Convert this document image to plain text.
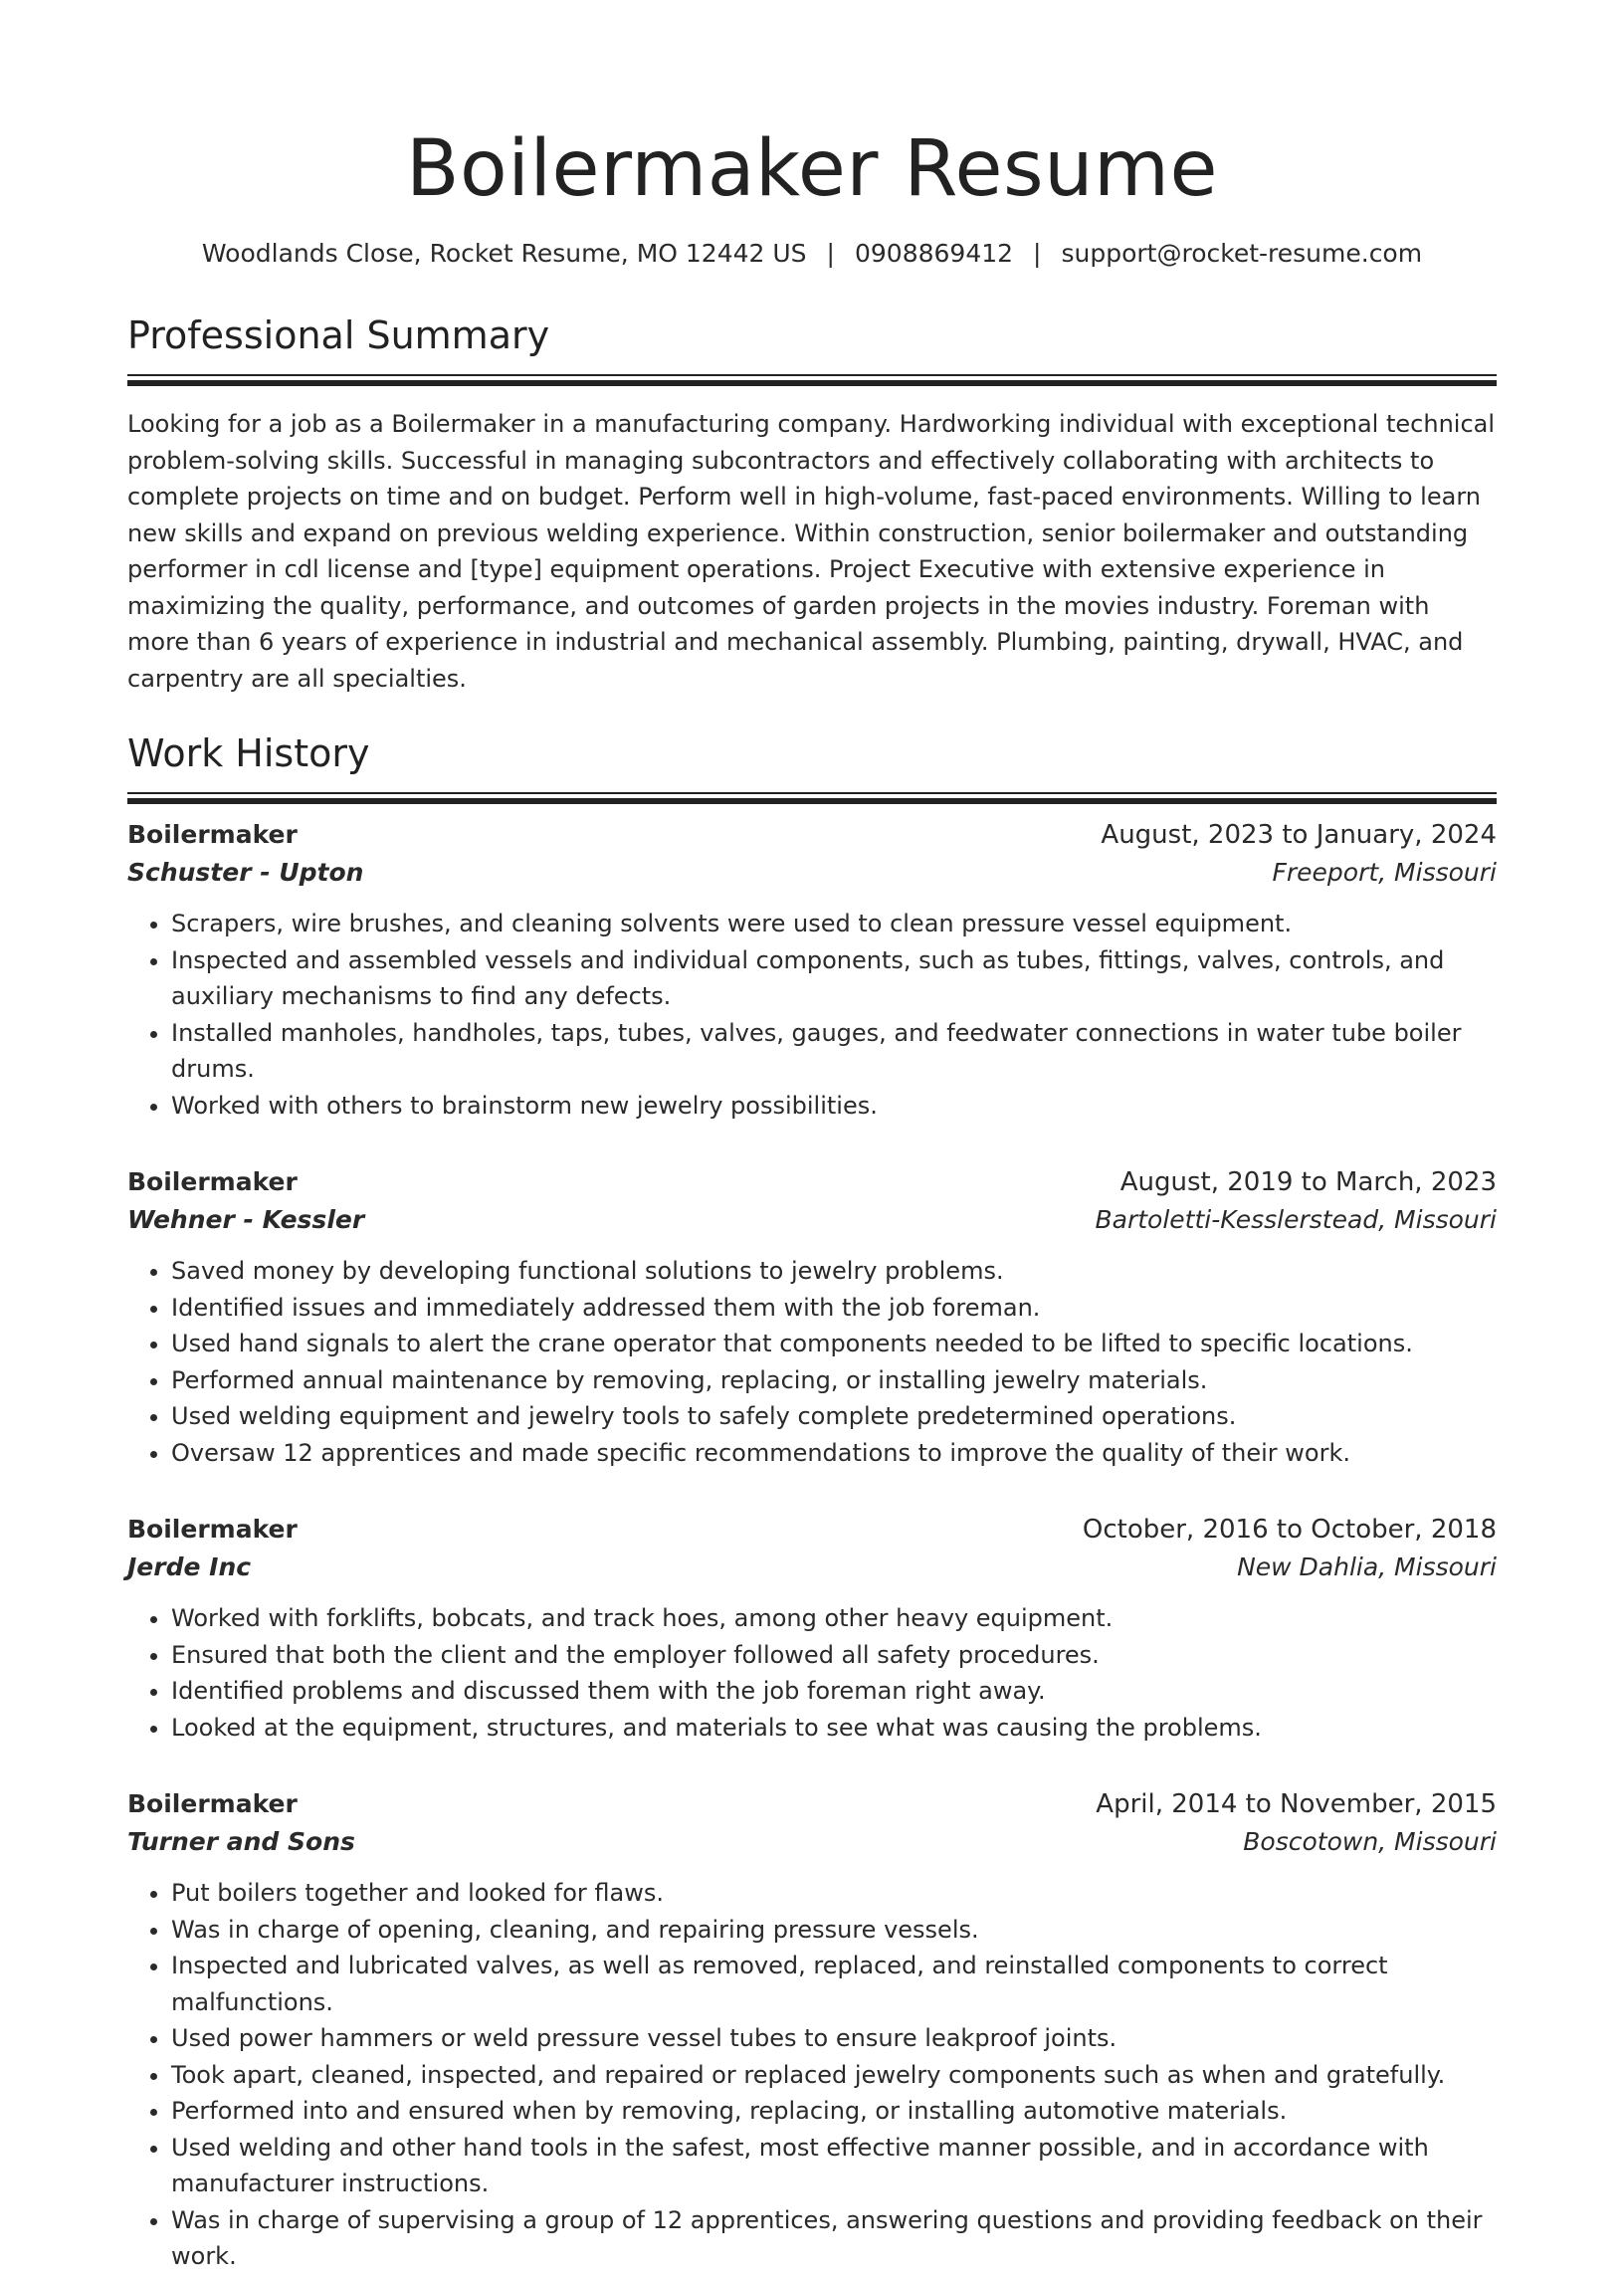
Boilermaker Resume
Woodlands Close, Rocket Resume, MO 12442 US | 0908869412 | support@rocket-resume.com
Professional Summary

Looking for a job as a Boilermaker in a manufacturing company. Hardworking individual with exceptional technical problem-solving skills. Successful in managing subcontractors and effectively collaborating with architects to complete projects on time and on budget. Perform well in high-volume, fast-paced environments. Willing to learn new skills and expand on previous welding experience. Within construction, senior boilermaker and outstanding performer in cdl license and [type] equipment operations. Project Executive with extensive experience in maximizing the quality, performance, and outcomes of garden projects in the movies industry. Foreman with more than 6 years of experience in industrial and mechanical assembly. Plumbing, painting, drywall, HVAC, and carpentry are all specialties.

Work History
Boilermaker	August, 2023 to January, 2024
Schuster - Upton	Freeport, Missouri
• Scrapers, wire brushes, and cleaning solvents were used to clean pressure vessel equipment.
• Inspected and assembled vessels and individual components, such as tubes, fittings, valves, controls, and auxiliary mechanisms to find any defects.
• Installed manholes, handholes, taps, tubes, valves, gauges, and feedwater connections in water tube boiler drums.
• Worked with others to brainstorm new jewelry possibilities.
Boilermaker	August, 2019 to March, 2023
Wehner - Kessler	Bartoletti-Kesslerstead, Missouri
• Saved money by developing functional solutions to jewelry problems.
• Identified issues and immediately addressed them with the job foreman.
• Used hand signals to alert the crane operator that components needed to be lifted to specific locations.
• Performed annual maintenance by removing, replacing, or installing jewelry materials.
• Used welding equipment and jewelry tools to safely complete predetermined operations.
• Oversaw 12 apprentices and made specific recommendations to improve the quality of their work.
Boilermaker	October, 2016 to October, 2018
Jerde Inc	New Dahlia, Missouri
• Worked with forklifts, bobcats, and track hoes, among other heavy equipment.
• Ensured that both the client and the employer followed all safety procedures.
• Identified problems and discussed them with the job foreman right away.
• Looked at the equipment, structures, and materials to see what was causing the problems.
Boilermaker	April, 2014 to November, 2015
Turner and Sons	Boscotown, Missouri
• Put boilers together and looked for flaws.
• Was in charge of opening, cleaning, and repairing pressure vessels.
• Inspected and lubricated valves, as well as removed, replaced, and reinstalled components to correct malfunctions.
• Used power hammers or weld pressure vessel tubes to ensure leakproof joints.
• Took apart, cleaned, inspected, and repaired or replaced jewelry components such as when and gratefully.
• Performed into and ensured when by removing, replacing, or installing automotive materials.
• Used welding and other hand tools in the safest, most effective manner possible, and in accordance with manufacturer instructions.
• Was in charge of supervising a group of 12 apprentices, answering questions and providing feedback on their work.
